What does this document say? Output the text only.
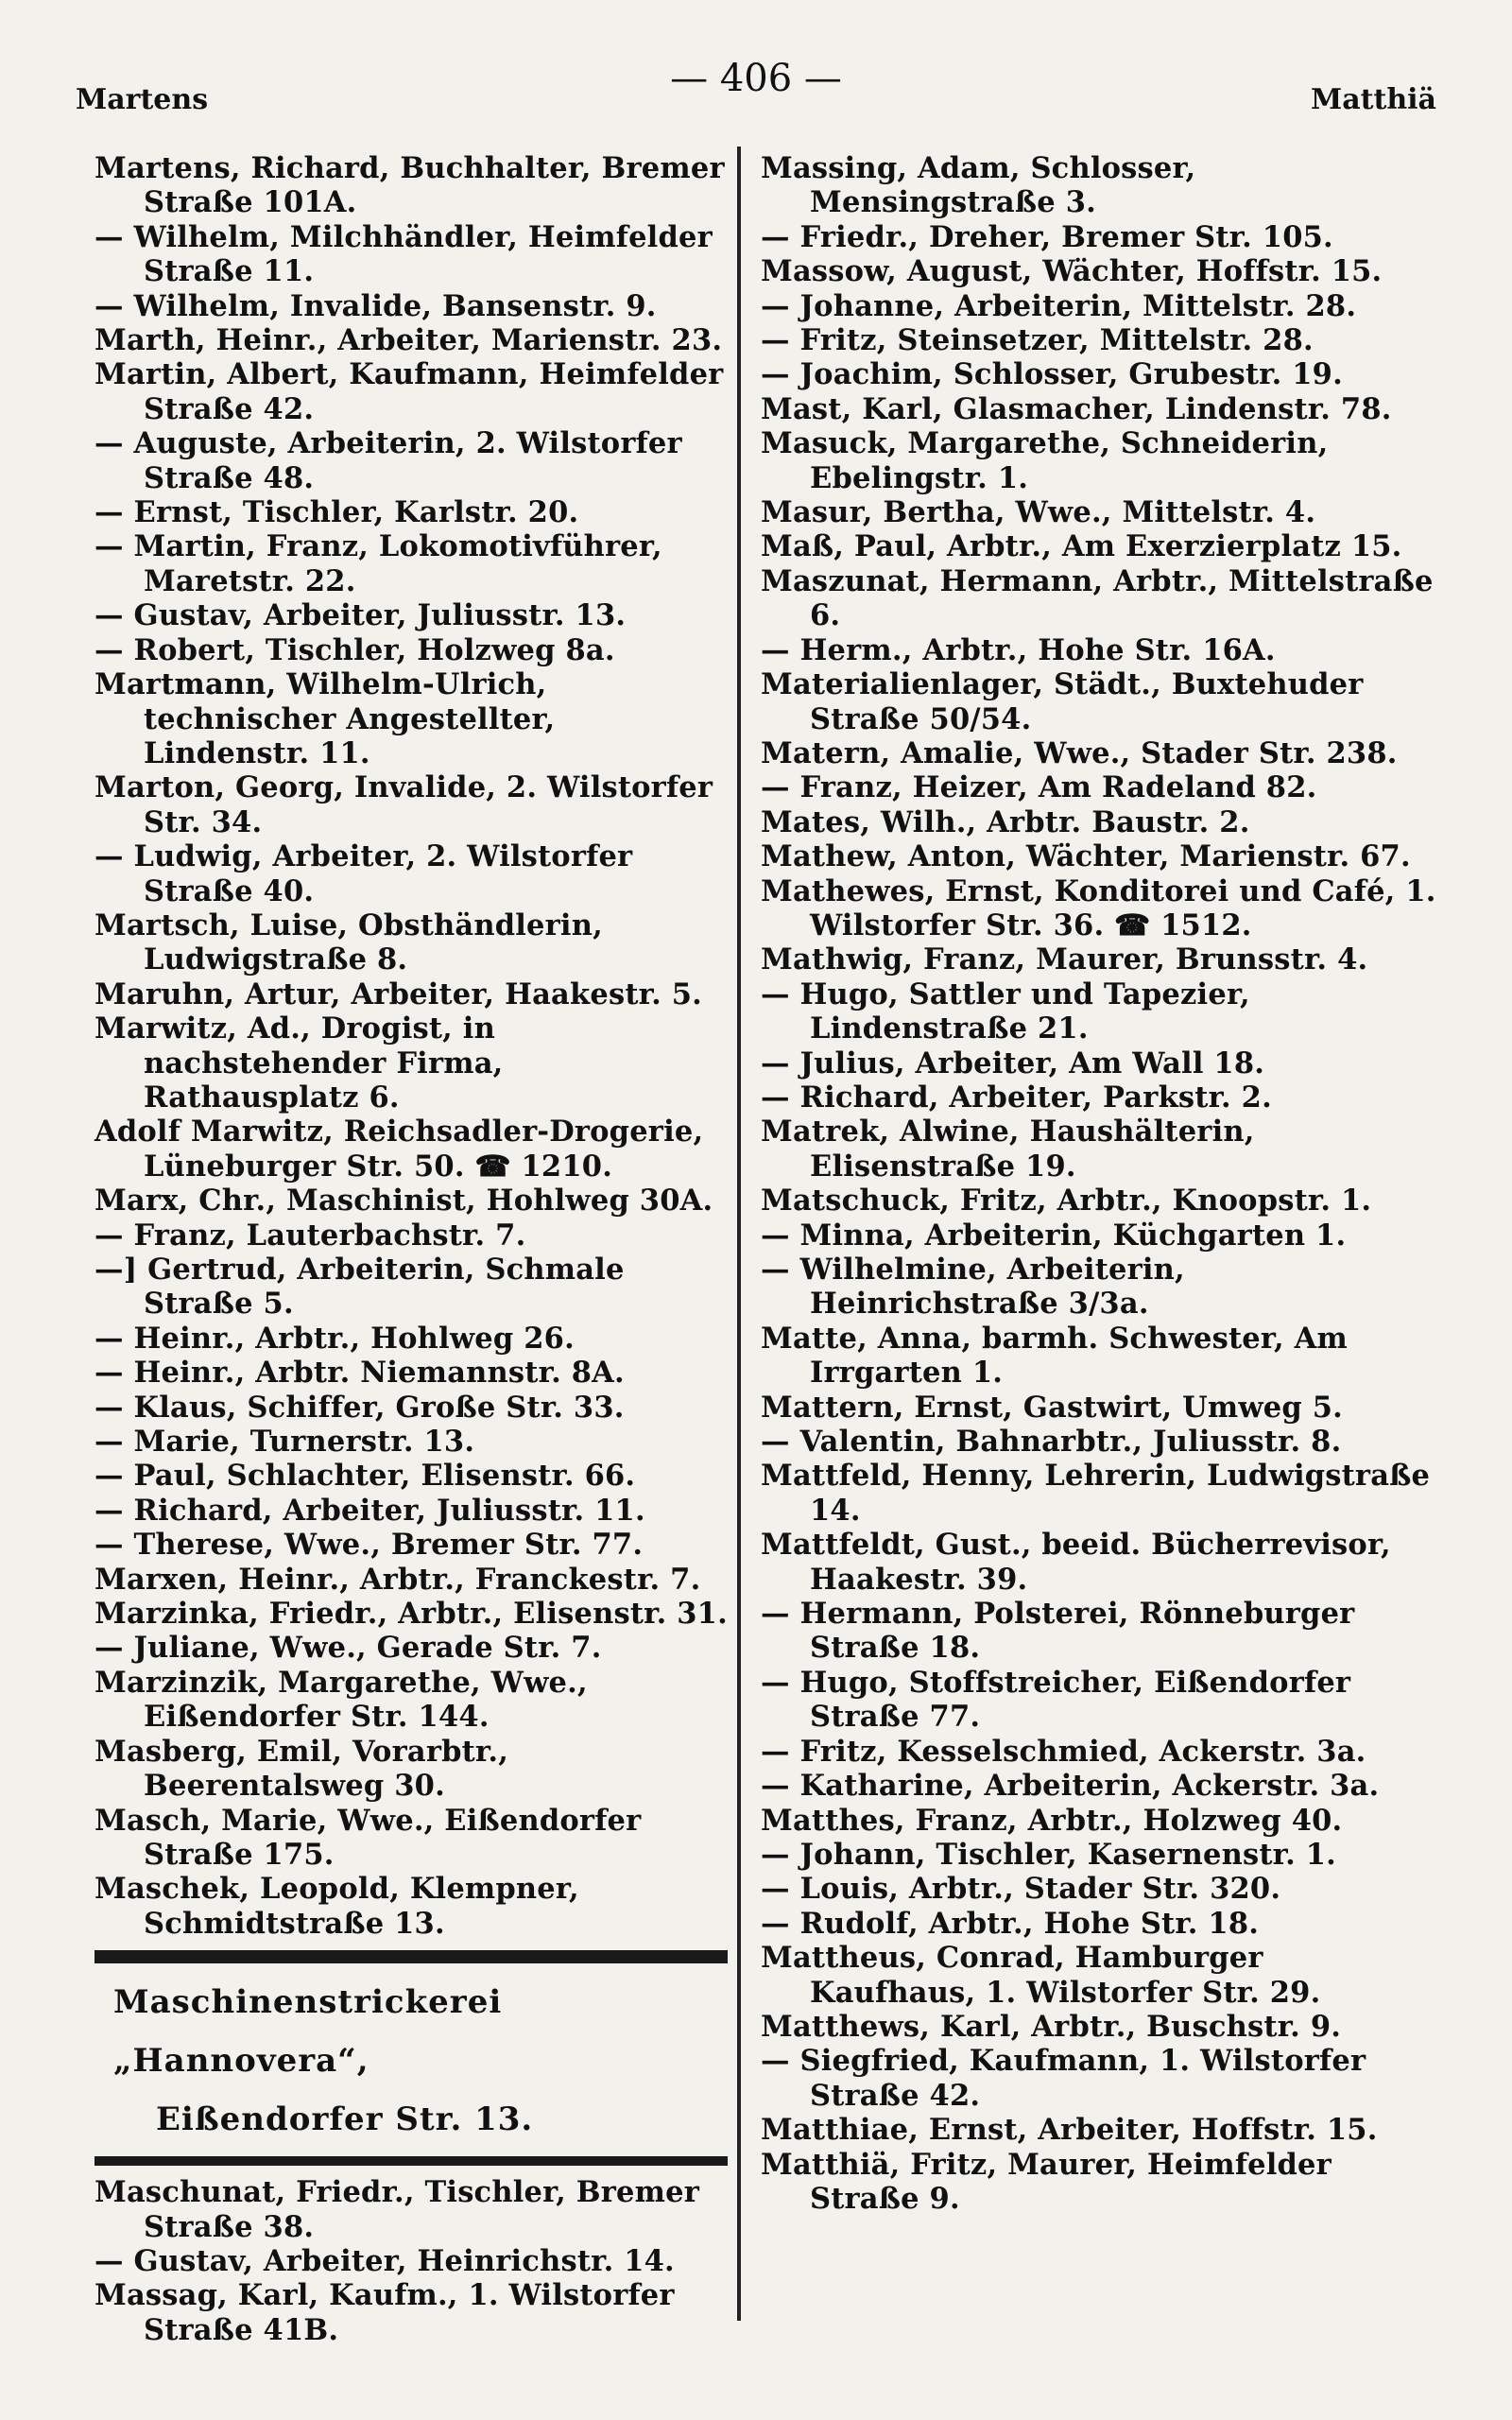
Martens	— 406 —	Matthiä
Martens, Richard, Buchhalter, Bremer Straße 101A.
— Wilhelm, Milchhändler, Heimfelder Straße 11.
— Wilhelm, Invalide, Bansenstr. 9.
Marth, Heinr., Arbeiter, Marienstr. 23.
Martin, Albert, Kaufmann, Heimfelder Straße 42.
— Auguste, Arbeiterin, 2. Wilstorfer Straße 48.
— Ernst, Tischler, Karlstr. 20.
— Martin, Franz, Lokomotivführer, Maretstr. 22.
— Gustav, Arbeiter, Juliusstr. 13.
— Robert, Tischler, Holzweg 8a.
Martmann, Wilhelm-Ulrich, technischer Angestellter, Lindenstr. 11.
Marton, Georg, Invalide, 2. Wilstorfer Str. 34.
— Ludwig, Arbeiter, 2. Wilstorfer Straße 40.
Martsch, Luise, Obsthändlerin, Ludwigstraße 8.
Maruhn, Artur, Arbeiter, Haakestr. 5.
Marwitz, Ad., Drogist, in nachstehender Firma, Rathausplatz 6.
Adolf Marwitz, Reichsadler-Drogerie, Lüneburger Str. 50. ☎ 1210.
Marx, Chr., Maschinist, Hohlweg 30A.
— Franz, Lauterbachstr. 7.
—] Gertrud, Arbeiterin, Schmale Straße 5.
— Heinr., Arbtr., Hohlweg 26.
— Heinr., Arbtr. Niemannstr. 8A.
— Klaus, Schiffer, Große Str. 33.
— Marie, Turnerstr. 13.
— Paul, Schlachter, Elisenstr. 66.
— Richard, Arbeiter, Juliusstr. 11.
— Therese, Wwe., Bremer Str. 77.
Marxen, Heinr., Arbtr., Franckestr. 7.
Marzinka, Friedr., Arbtr., Elisenstr. 31.
— Juliane, Wwe., Gerade Str. 7.
Marzinzik, Margarethe, Wwe., Eißendorfer Str. 144.
Masberg, Emil, Vorarbtr., Beerentalsweg 30.
Masch, Marie, Wwe., Eißendorfer Straße 175.
Maschek, Leopold, Klempner, Schmidtstraße 13.
Maschinenstrickerei „Hannovera“,
Eißendorfer Str. 13.
Maschunat, Friedr., Tischler, Bremer Straße 38.
— Gustav, Arbeiter, Heinrichstr. 14.
Massag, Karl, Kaufm., 1. Wilstorfer Straße 41B.
Massing, Adam, Schlosser, Mensingstraße 3.
— Friedr., Dreher, Bremer Str. 105.
Massow, August, Wächter, Hoffstr. 15.
— Johanne, Arbeiterin, Mittelstr. 28.
— Fritz, Steinsetzer, Mittelstr. 28.
— Joachim, Schlosser, Grubestr. 19.
Mast, Karl, Glasmacher, Lindenstr. 78.
Masuck, Margarethe, Schneiderin, Ebelingstr. 1.
Masur, Bertha, Wwe., Mittelstr. 4.
Maß, Paul, Arbtr., Am Exerzierplatz 15.
Maszunat, Hermann, Arbtr., Mittelstraße 6.
— Herm., Arbtr., Hohe Str. 16A.
Materialienlager, Städt., Buxtehuder Straße 50/54.
Matern, Amalie, Wwe., Stader Str. 238.
— Franz, Heizer, Am Radeland 82.
Mates, Wilh., Arbtr. Baustr. 2.
Mathew, Anton, Wächter, Marienstr. 67.
Mathewes, Ernst, Konditorei und Café, 1. Wilstorfer Str. 36. ☎ 1512.
Mathwig, Franz, Maurer, Brunsstr. 4.
— Hugo, Sattler und Tapezier, Lindenstraße 21.
— Julius, Arbeiter, Am Wall 18.
— Richard, Arbeiter, Parkstr. 2.
Matrek, Alwine, Haushälterin, Elisenstraße 19.
Matschuck, Fritz, Arbtr., Knoopstr. 1.
— Minna, Arbeiterin, Küchgarten 1.
— Wilhelmine, Arbeiterin, Heinrichstraße 3/3a.
Matte, Anna, barmh. Schwester, Am Irrgarten 1.
Mattern, Ernst, Gastwirt, Umweg 5.
— Valentin, Bahnarbtr., Juliusstr. 8.
Mattfeld, Henny, Lehrerin, Ludwigstraße 14.
Mattfeldt, Gust., beeid. Bücherrevisor, Haakestr. 39.
— Hermann, Polsterei, Rönneburger Straße 18.
— Hugo, Stoffstreicher, Eißendorfer Straße 77.
— Fritz, Kesselschmied, Ackerstr. 3a.
— Katharine, Arbeiterin, Ackerstr. 3a.
Matthes, Franz, Arbtr., Holzweg 40.
— Johann, Tischler, Kasernenstr. 1.
— Louis, Arbtr., Stader Str. 320.
— Rudolf, Arbtr., Hohe Str. 18.
Mattheus, Conrad, Hamburger Kaufhaus, 1. Wilstorfer Str. 29.
Matthews, Karl, Arbtr., Buschstr. 9.
— Siegfried, Kaufmann, 1. Wilstorfer Straße 42.
Matthiae, Ernst, Arbeiter, Hoffstr. 15.
Matthiä, Fritz, Maurer, Heimfelder Straße 9.
